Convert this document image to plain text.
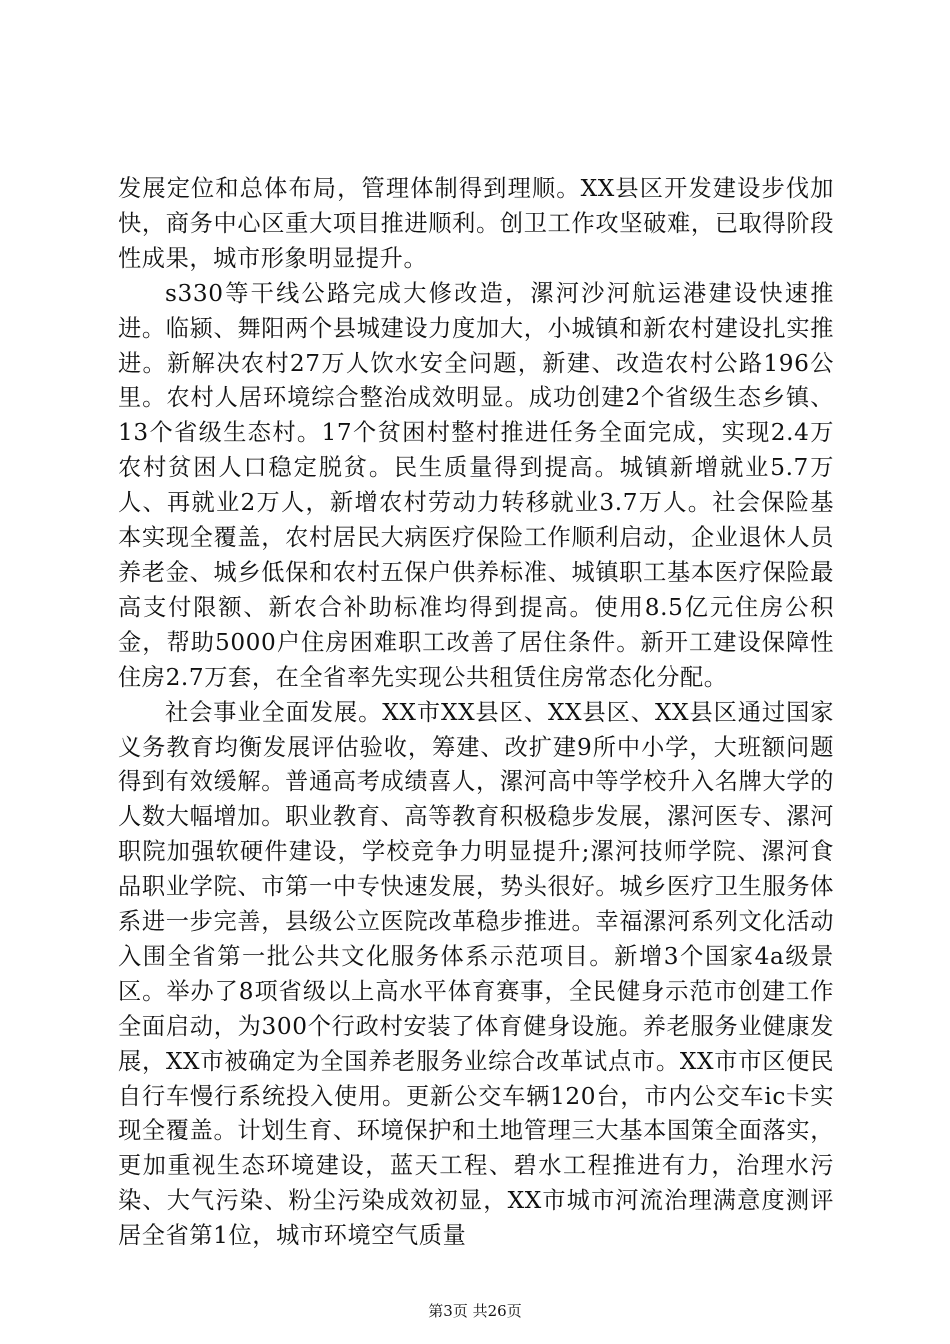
发展定位和总体布局，管理体制得到理顺。XX县区开发建设步伐加快，商务中心区重大项目推进顺利。创卫工作攻坚破难，已取得阶段性成果，城市形象明显提升。

s330等干线公路完成大修改造，漯河沙河航运港建设快速推进。临颍、舞阳两个县城建设力度加大，小城镇和新农村建设扎实推进。新解决农村27万人饮水安全问题，新建、改造农村公路196公里。农村人居环境综合整治成效明显。成功创建2个省级生态乡镇、13个省级生态村。17个贫困村整村推进任务全面完成，实现2.4万农村贫困人口稳定脱贫。民生质量得到提高。城镇新增就业5.7万人、再就业2万人，新增农村劳动力转移就业3.7万人。社会保险基本实现全覆盖，农村居民大病医疗保险工作顺利启动，企业退休人员养老金、城乡低保和农村五保户供养标准、城镇职工基本医疗保险最高支付限额、新农合补助标准均得到提高。使用8.5亿元住房公积金，帮助5000户住房困难职工改善了居住条件。新开工建设保障性住房2.7万套，在全省率先实现公共租赁住房常态化分配。

社会事业全面发展。XX市XX县区、XX县区、XX县区通过国家义务教育均衡发展评估验收，筹建、改扩建9所中小学，大班额问题得到有效缓解。普通高考成绩喜人，漯河高中等学校升入名牌大学的人数大幅增加。职业教育、高等教育积极稳步发展，漯河医专、漯河职院加强软硬件建设，学校竞争力明显提升;漯河技师学院、漯河食品职业学院、市第一中专快速发展，势头很好。城乡医疗卫生服务体系进一步完善，县级公立医院改革稳步推进。幸福漯河系列文化活动入围全省第一批公共文化服务体系示范项目。新增3个国家4a级景区。举办了8项省级以上高水平体育赛事，全民健身示范市创建工作全面启动，为300个行政村安装了体育健身设施。养老服务业健康发展，XX市被确定为全国养老服务业综合改革试点市。XX市市区便民自行车慢行系统投入使用。更新公交车辆120台，市内公交车ic卡实现全覆盖。计划生育、环境保护和土地管理三大基本国策全面落实，更加重视生态环境建设，蓝天工程、碧水工程推进有力，治理水污染、大气污染、粉尘污染成效初显，XX市城市河流治理满意度测评居全省第1位，城市环境空气质量

第3页 共26页
